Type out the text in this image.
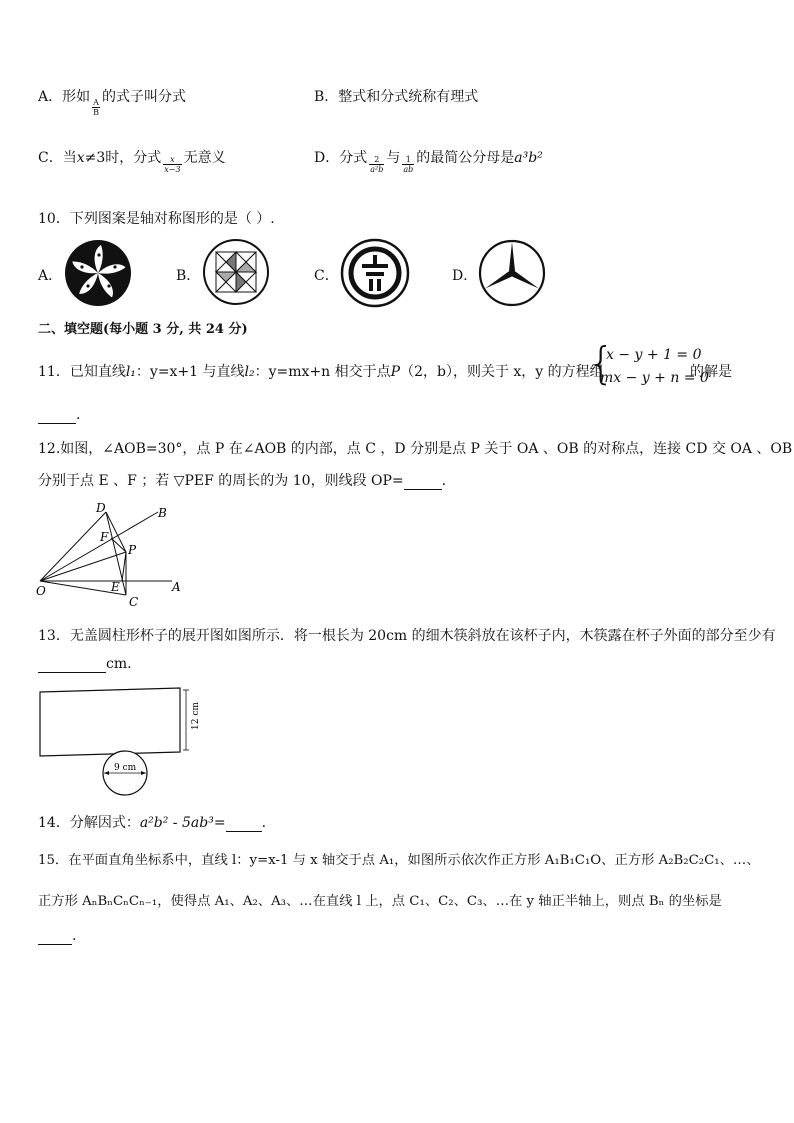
A．形如
$\frac{A}{B}$
的式子叫分式	B．整式和分式统称有理式
C．当x≠3时，分式 $\frac{x}{x-3}$ 无意义	D．分式 $\frac{2}{\text{a²b}}$ 与 $\frac{1}{ab}$ 的最简公分母是a³b²
10．下列图案是轴对称图形的是（ ）.
A．	B．	C．	D．
二、填空题(每小题 3 分, 共 24 分)
11．已知直线l₁：y=x+1 与直线l₂：y=mx+n 相交于点P（2，b），则关于 x，y 的方程组
{
x − y + 1 = 0
mx − y + n = 0
的解是
.
12.如图，∠AOB=30°，点 P 在∠AOB 的内部，点 C ，D 分别是点 P 关于 OA 、OB 的对称点，连接 CD 交 OA 、OB
分别于点 E 、F ；若 ▽PEF 的周长的为 10，则线段 OP=	.
D	B
F
P
O	E	A
C
13．无盖圆柱形杯子的展开图如图所示．将一根长为 20cm 的细木筷斜放在该杯子内，木筷露在杯子外面的部分至少有
cm.
12 cm
9 cm
14．分解因式：a²b² - 5ab³=	.
15．在平面直角坐标系中，直线 l：y=x-1 与 x 轴交于点 A₁，如图所示依次作正方形 A₁B₁C₁O、正方形 A₂B₂C₂C₁、…、
正方形 AₙBₙCₙCₙ₋₁，使得点 A₁、A₂、A₃、…在直线 l 上，点 C₁、C₂、C₃、…在 y 轴正半轴上，则点 Bₙ 的坐标是
.
